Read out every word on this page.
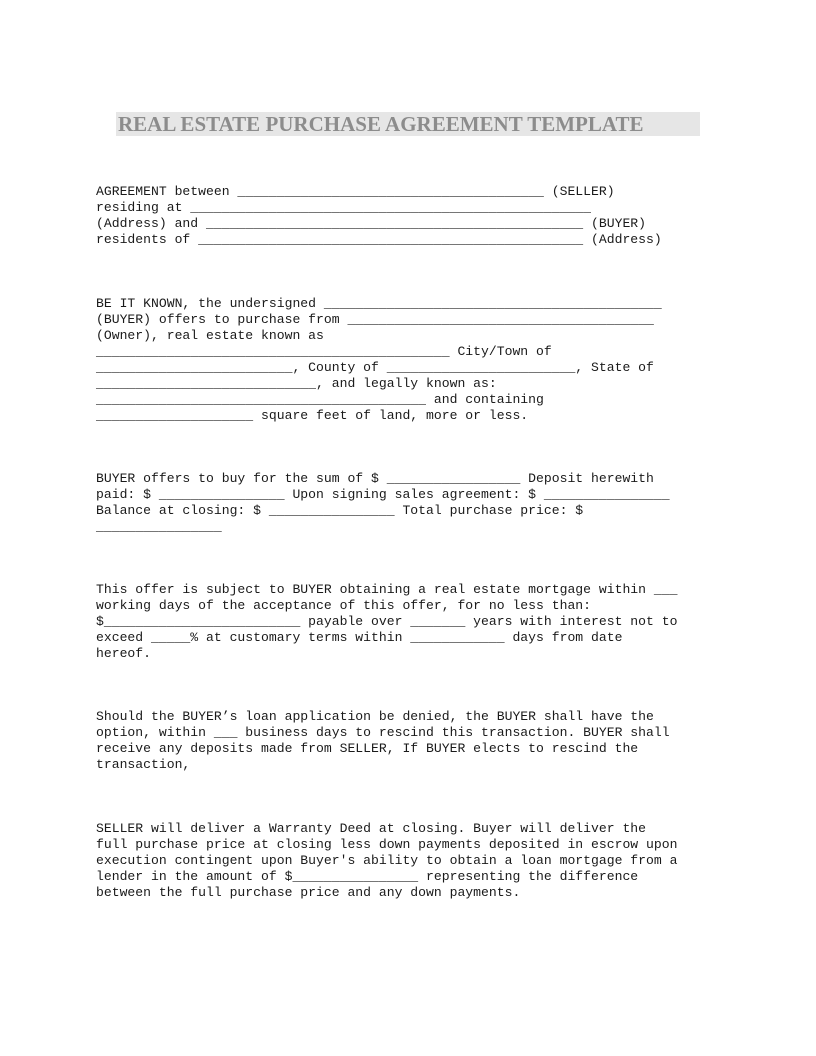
REAL ESTATE PURCHASE AGREEMENT TEMPLATE
AGREEMENT between _______________________________________ (SELLER)
residing at ___________________________________________________
(Address) and ________________________________________________ (BUYER)
residents of _________________________________________________ (Address)
BE IT KNOWN, the undersigned ___________________________________________
(BUYER) offers to purchase from _______________________________________
(Owner), real estate known as
_____________________________________________ City/Town of
_________________________, County of ________________________, State of
____________________________, and legally known as:
__________________________________________ and containing
____________________ square feet of land, more or less.
BUYER offers to buy for the sum of $ _________________ Deposit herewith
paid: $ ________________ Upon signing sales agreement: $ ________________
Balance at closing: $ ________________ Total purchase price: $
________________
This offer is subject to BUYER obtaining a real estate mortgage within ___
working days of the acceptance of this offer, for no less than:
$_________________________ payable over _______ years with interest not to
exceed _____% at customary terms within ____________ days from date
hereof.
Should the BUYER’s loan application be denied, the BUYER shall have the
option, within ___ business days to rescind this transaction. BUYER shall
receive any deposits made from SELLER, If BUYER elects to rescind the
transaction,
SELLER will deliver a Warranty Deed at closing. Buyer will deliver the
full purchase price at closing less down payments deposited in escrow upon
execution contingent upon Buyer's ability to obtain a loan mortgage from a
lender in the amount of $________________ representing the difference
between the full purchase price and any down payments.
